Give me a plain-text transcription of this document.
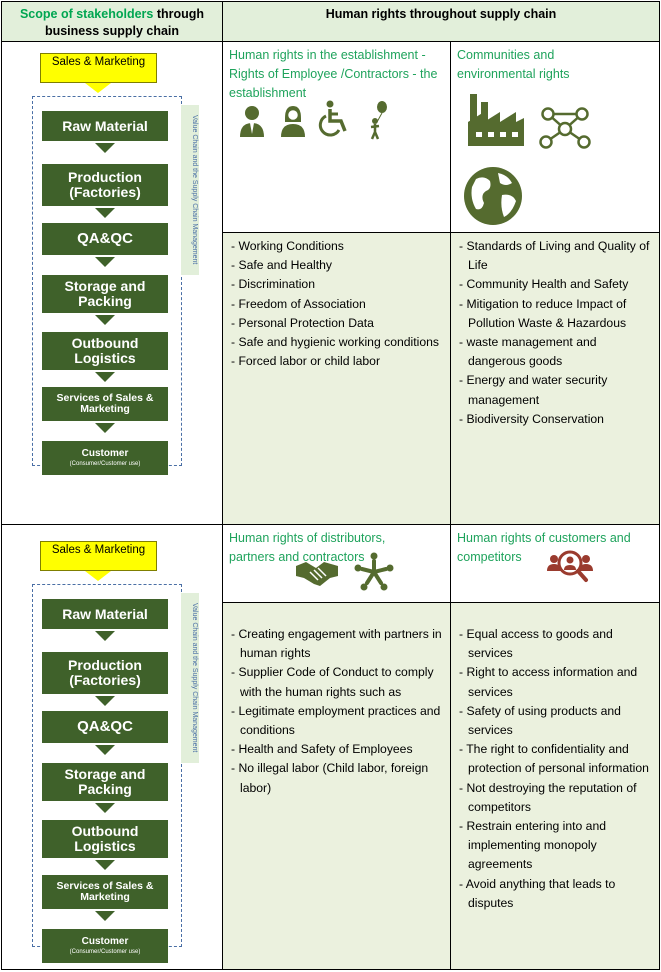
Scope of stakeholders through business supply chain
Human rights throughout supply chain
Human rights in the establishment - Rights of Employee /Contractors - the establishment
Communities and environmental rights
- Working Conditions
- Safe and Healthy
- Discrimination
- Freedom of Association
- Personal Protection Data
- Safe and hygienic working conditions
- Forced labor or child labor
- Standards of Living and Quality of Life
- Community Health and Safety
- Mitigation to reduce Impact of Pollution Waste & Hazardous
- waste management and dangerous goods
- Energy and water security management
- Biodiversity Conservation
Human rights of distributors, partners and contractors
Human rights of customers and competitors
- Creating engagement with partners in human rights
- Supplier Code of Conduct to comply with the human rights such as
- Legitimate employment practices and conditions
- Health and Safety of Employees
- No illegal labor (Child labor, foreign labor)
- Equal access to goods and services
- Right to access information and services
- Safety of using products and services
- The right to confidentiality and protection of personal information
- Not destroying the reputation of competitors
- Restrain entering into and implementing monopoly agreements
- Avoid anything that leads to disputes
Sales & Marketing
Value Chain and the Supply Chain Management
Raw Material
Production (Factories)
QA&QC
Storage and Packing
Outbound Logistics
Services of Sales & Marketing
Customer
(Consumer/Customer use)
Sales & Marketing
Value Chain and the Supply Chain Management
Raw Material
Production (Factories)
QA&QC
Storage and Packing
Outbound Logistics
Services of Sales & Marketing
Customer
(Consumer/Customer use)
